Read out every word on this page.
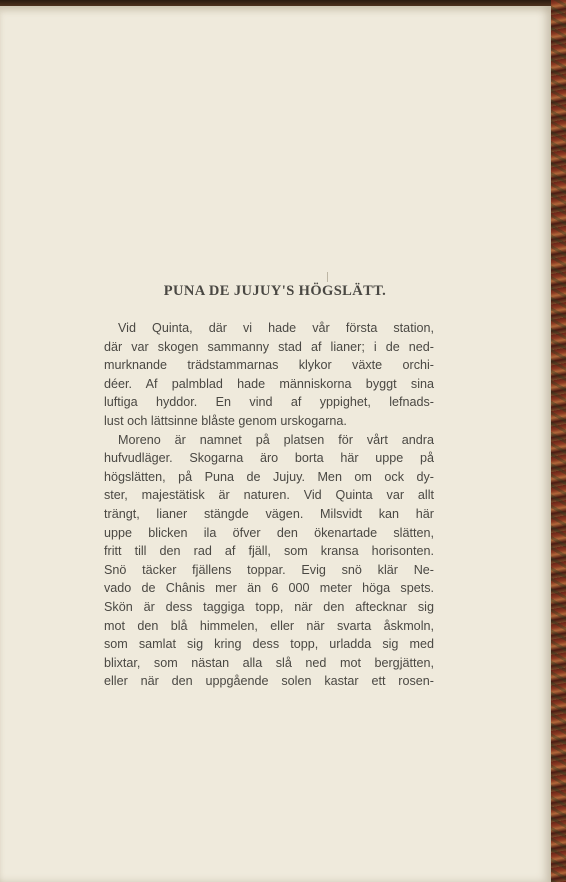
PUNA DE JUJUY'S HÖGSLÄTT.
Vid Quinta, där vi hade vår första station,
där var skogen sammanny stad af lianer; i de ned-
murknande trädstammarnas klykor växte orchi-
déer. Af palmblad hade människorna byggt sina
luftiga hyddor. En vind af yppighet, lefnads-
lust och lättsinne blåste genom urskogarna.
Moreno är namnet på platsen för vårt andra
hufvudläger. Skogarna äro borta här uppe på
högslätten, på Puna de Jujuy. Men om ock dy-
ster, majestätisk är naturen. Vid Quinta var allt
trängt, lianer stängde vägen. Milsvidt kan här
uppe blicken ila öfver den ökenartade slätten,
fritt till den rad af fjäll, som kransa horisonten.
Snö täcker fjällens toppar. Evig snö klär Ne-
vado de Chânis mer än 6 000 meter höga spets.
Skön är dess taggiga topp, när den aftecknar sig
mot den blå himmelen, eller när svarta åskmoln,
som samlat sig kring dess topp, urladda sig med
blixtar, som nästan alla slå ned mot bergjätten,
eller när den uppgående solen kastar ett rosen-
